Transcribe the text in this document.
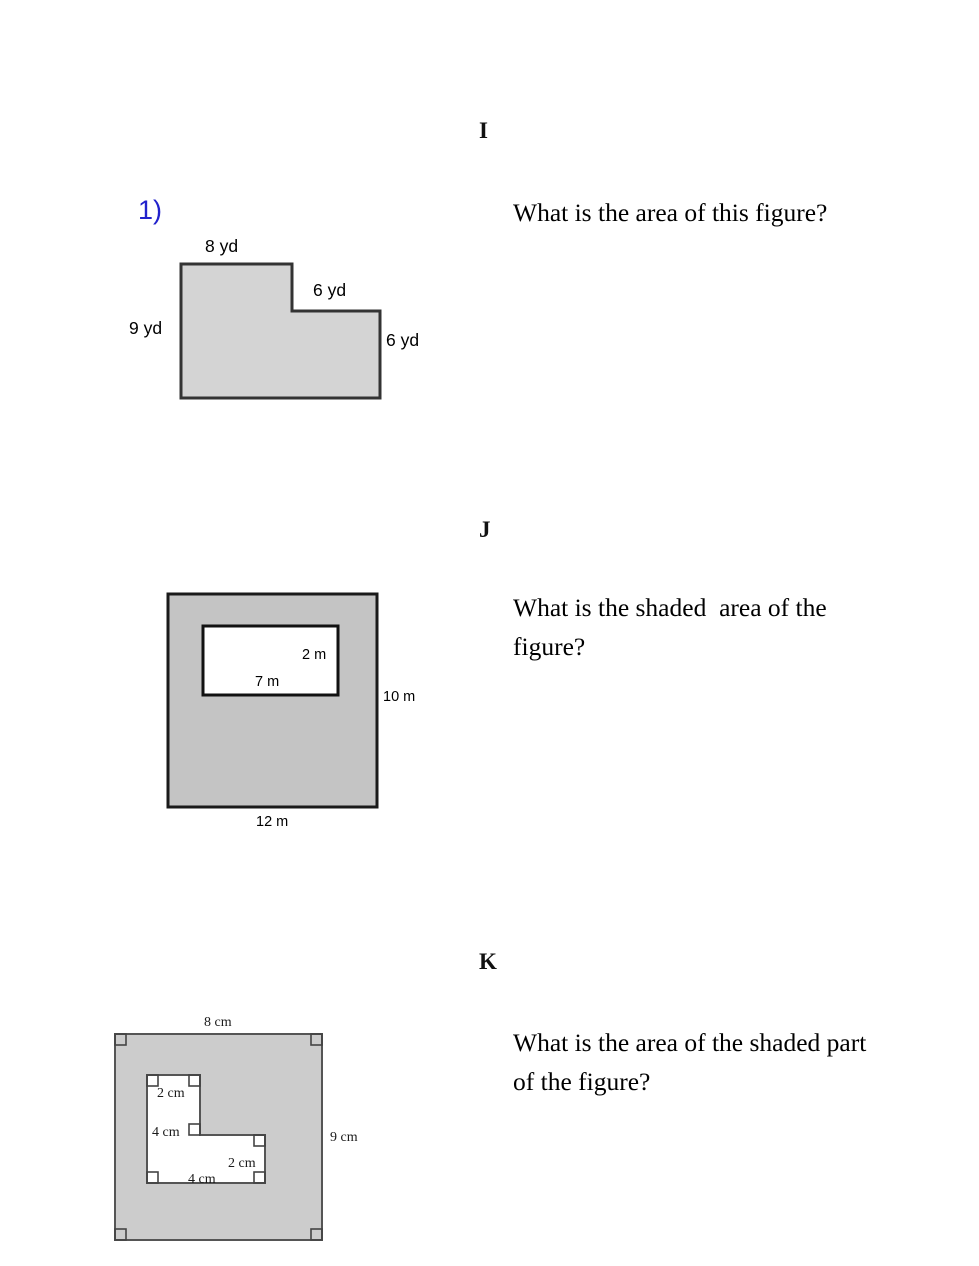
I
What is the area of this figure?
1)
8 yd
6 yd
9 yd
6 yd
J
What is the shaded  area of the figure?
2 m
7 m
10 m
12 m
K
What is the area of the shaded part of the figure?
8 cm
9 cm
2 cm
4 cm
2 cm
4 cm
